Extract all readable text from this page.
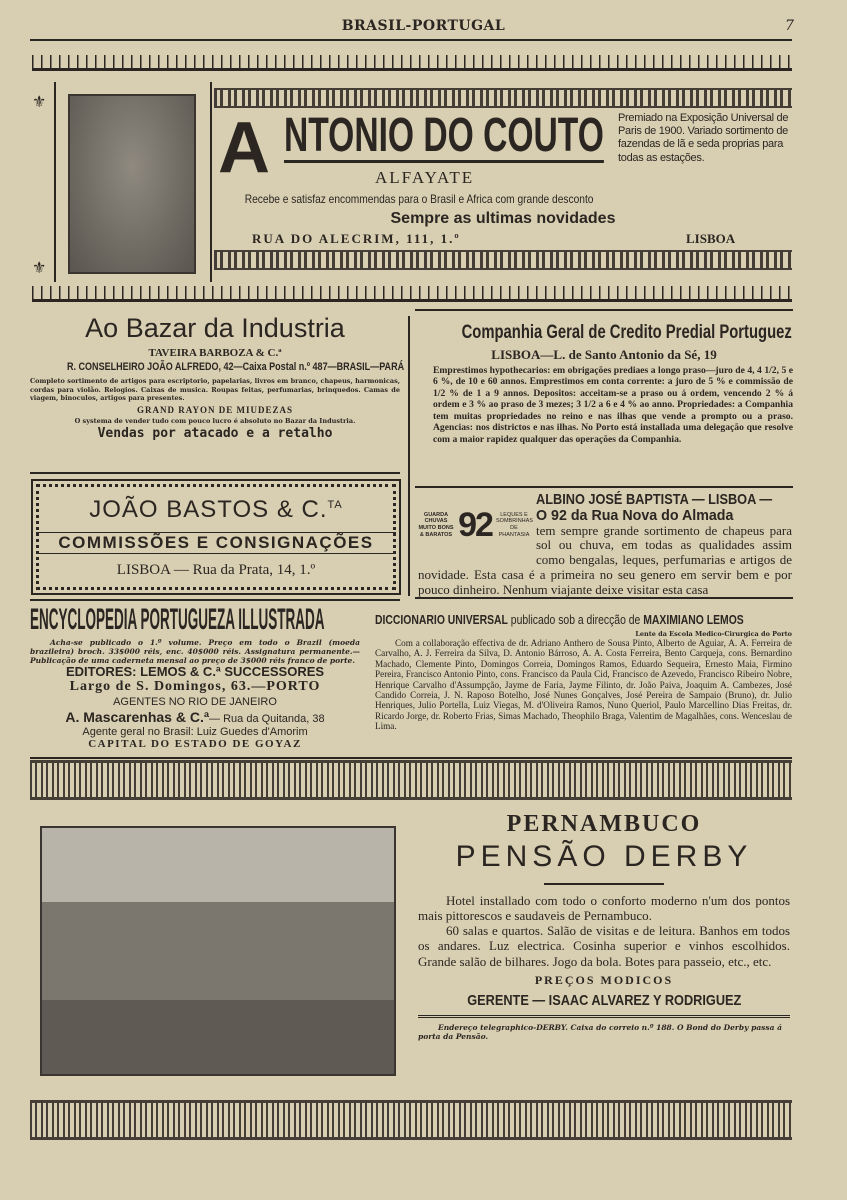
BRASIL-PORTUGAL	7
⚜
⚜
A NTONIO DO COUTO Premiado na Exposição Universal de Paris de 1900. Variado sortimento de fazendas de lã e seda proprias para todas as estações.
ALFAYATE
Recebe e satisfaz encommendas para o Brasil e Africa com grande desconto
Sempre as ultimas novidades
RUA DO ALECRIM, 111, 1.º	LISBOA
Ao Bazar da Industria
TAVEIRA BARBOZA & C.ª
R. CONSELHEIRO JOÃO ALFREDO, 42—Caixa Postal n.º 487—BRASIL—PARÁ

Completo sortimento de artigos para escriptorio, papelarias, livros em branco, chapeus, harmonicas, cordas para violão. Relogios. Caixas de musica. Roupas feitas, perfumarias, brinquedos. Camas de viagem, binoculos, artigos para presentes.

GRAND RAYON DE MIUDEZAS
O systema de vender tudo com pouco lucro é absoluto no Bazar da Industria.
Vendas por atacado e a retalho
Companhia Geral de Credito Predial Portuguez
LISBOA—L. de Santo Antonio da Sé, 19

Emprestimos hypothecarios: em obrigações prediaes a longo praso—juro de 4, 4 1/2, 5 e 6 %, de 10 e 60 annos. Emprestimos em conta corrente: a juro de 5 % e commissão de 1/2 % de 1 a 9 annos. Depositos: acceitam-se a praso ou á ordem, vencendo 2 % á ordem e 3 % ao praso de 3 mezes; 3 1/2 a 6 e 4 % ao anno. Propriedades: a Companhia tem muitas propriedades no reino e nas ilhas que vende a prompto ou a praso. Agencias: nos districtos e nas ilhas. No Porto está installada uma delegação que resolve com a maior rapidez qualquer das operações da Companhia.

JOÃO BASTOS & C.$^{TA}$
COMMISSÕES E CONSIGNAÇÕES
LISBOA — Rua da Prata, 14, 1.º
GUARDA CHUVAS MUITO BONS & BARATOS 92	LEQUES E SOMBRINHAS DE PHANTASIA
ALBINO JOSÉ BAPTISTA — LISBOA —
O 92 da Rua Nova do Almada

tem sempre grande sortimento de chapeus para sol ou chuva, em todas as qualidades assim como bengalas, leques, perfumarias e artigos de novidade. Esta casa é a primeira no seu genero em servir bem e por pouco dinheiro. Nenhum viajante deixe visitar esta casa

ENCYCLOPEDIA PORTUGUEZA ILLUSTRADA

Acha-se publicado o 1.º volume. Preço em todo o Brazil (moeda brazileira) broch. 33$000 réis, enc. 40$000 réis. Assignatura permanente.—Publicação de uma caderneta mensal ao preço de 3$000 réis franco de porte.

EDITORES: LEMOS & C.ª SUCCESSORES
Largo de S. Domingos, 63.—PORTO
AGENTES NO RIO DE JANEIRO
A. Mascarenhas & C.ª— Rua da Quitanda, 38
Agente geral no Brasil: Luiz Guedes d'Amorim
CAPITAL DO ESTADO DE GOYAZ
DICCIONARIO UNIVERSAL publicado sob a direcção de MAXIMIANO LEMOS
Lente da Escola Medico-Cirurgica do Porto

Com a collaboração effectiva de dr. Adriano Anthero de Sousa Pinto, Alberto de Aguiar, A. A. Ferreira de Carvalho, A. J. Ferreira da Silva, D. Antonio Bárroso, A. A. Costa Ferreira, Bento Carqueja, cons. Bernardino Machado, Clemente Pinto, Domingos Correia, Domingos Ramos, Eduardo Sequeira, Ernesto Maia, Firmino Pereira, Francisco Antonio Pinto, cons. Francisco da Paula Cid, Francisco de Azevedo, Francisco Ribeiro Nobre, Henrique Carvalho d'Assumpção, Jayme de Faria, Jayme Filinto, dr. João Paiva, Joaquim A. Cambezes, José Candido Correia, J. N. Raposo Botelho, José Nunes Gonçalves, José Pereira de Sampaio (Bruno), dr. Julio Henriques, Julio Portella, Luiz Viegas, M. d'Oliveira Ramos, Nuno Queriol, Paulo Marcellino Dias Freitas, dr. Ricardo Jorge, dr. Roberto Frias, Simas Machado, Theophilo Braga, Valentim de Magalhães, cons. Wenceslau de Lima.

PERNAMBUCO
PENSÃO DERBY

Hotel installado com todo o conforto moderno n'um dos pontos mais pittorescos e saudaveis de Pernambuco.

60 salas e quartos. Salão de visitas e de leitura. Banhos em todos os andares. Luz electrica. Cosinha superior e vinhos escolhidos. Grande salão de bilhares. Jogo da bola. Botes para passeio, etc., etc.

PREÇOS MODICOS
GERENTE — ISAAC ALVAREZ Y RODRIGUEZ

Endereço telegraphico-DERBY. Caixa do correio n.º 188. O Bond do Derby passa á porta da Pensão.
